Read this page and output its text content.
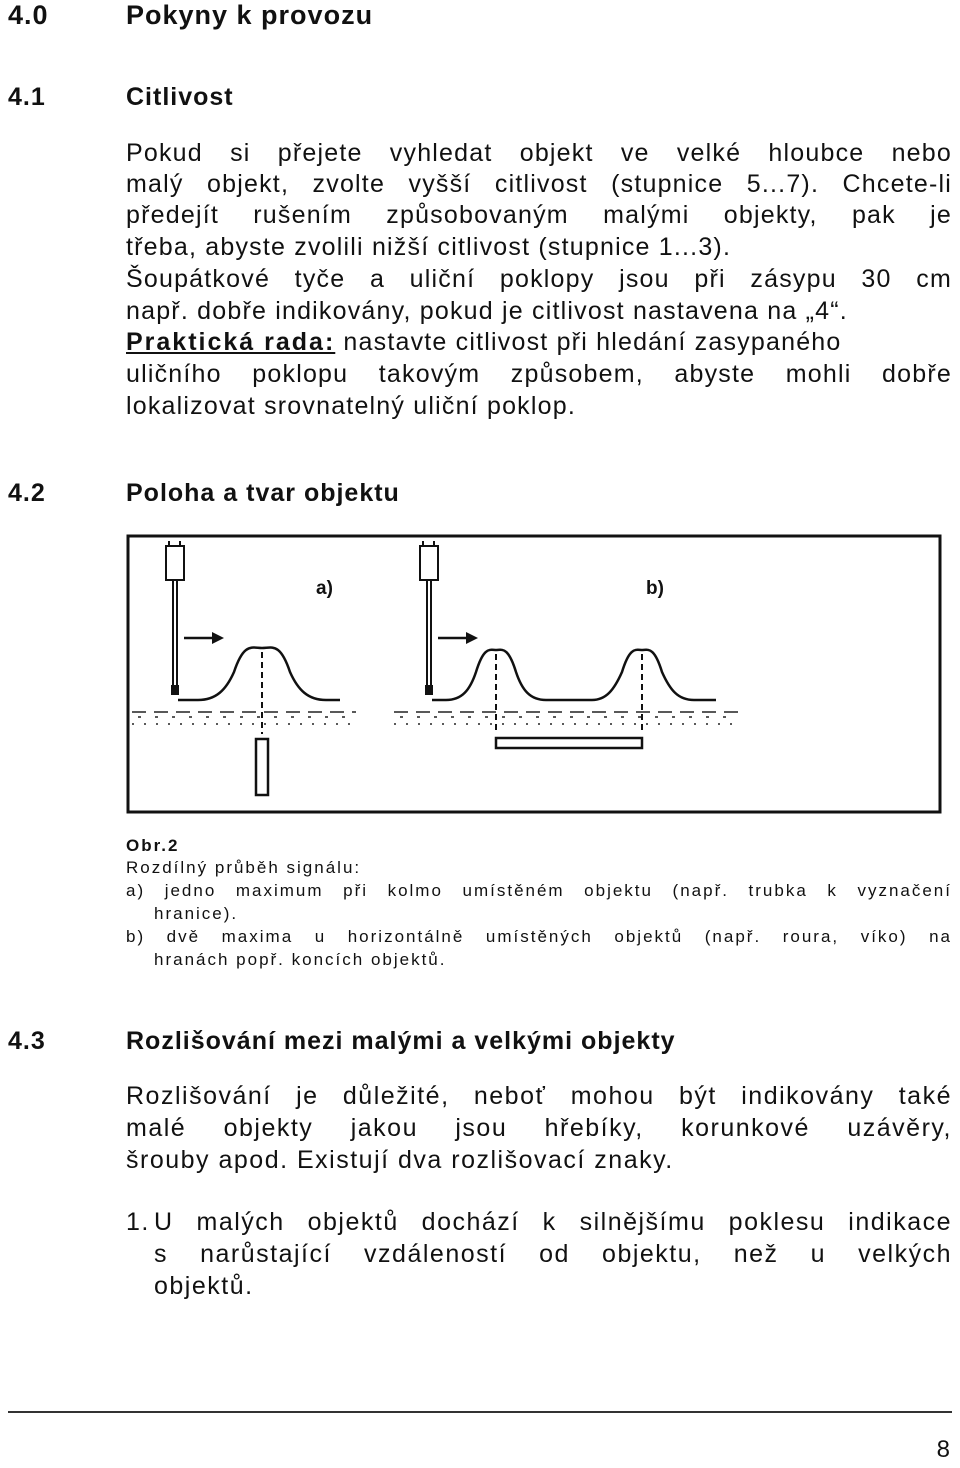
4.0	Pokyny k provozu
4.1	Citlivost
Pokud si přejete vyhledat objekt ve velké hloubce nebo
malý objekt, zvolte vyšší citlivost (stupnice 5...7). Chcete-li
předejít rušením způsobovaným malými objekty, pak je
třeba, abyste zvolili nižší citlivost (stupnice 1...3).
Šoupátkové tyče a uliční poklopy jsou při zásypu 30 cm
např. dobře indikovány, pokud je citlivost nastavena na „4“.
Praktická rada: nastavte citlivost při hledání zasypaného
uličního poklopu takovým způsobem, abyste mohli dobře
lokalizovat srovnatelný uliční poklop.
4.2	Poloha a tvar objektu
a)	b)
Obr.2
Rozdílný průběh signálu:
a) jedno maximum při kolmo umístěném objektu (např. trubka k vyznačení
hranice).
b) dvě maxima u horizontálně umístěných objektů (např. roura, víko) na
hranách popř. koncích objektů.
4.3	Rozlišování mezi malými a velkými objekty
Rozlišování je důležité, neboť mohou být indikovány také
malé objekty jakou jsou hřebíky, korunkové uzávěry,
šrouby apod. Existují dva rozlišovací znaky.
1. U malých objektů dochází k silnějšímu poklesu indikace
s narůstající vzdáleností od objektu, než u velkých
objektů.
8
